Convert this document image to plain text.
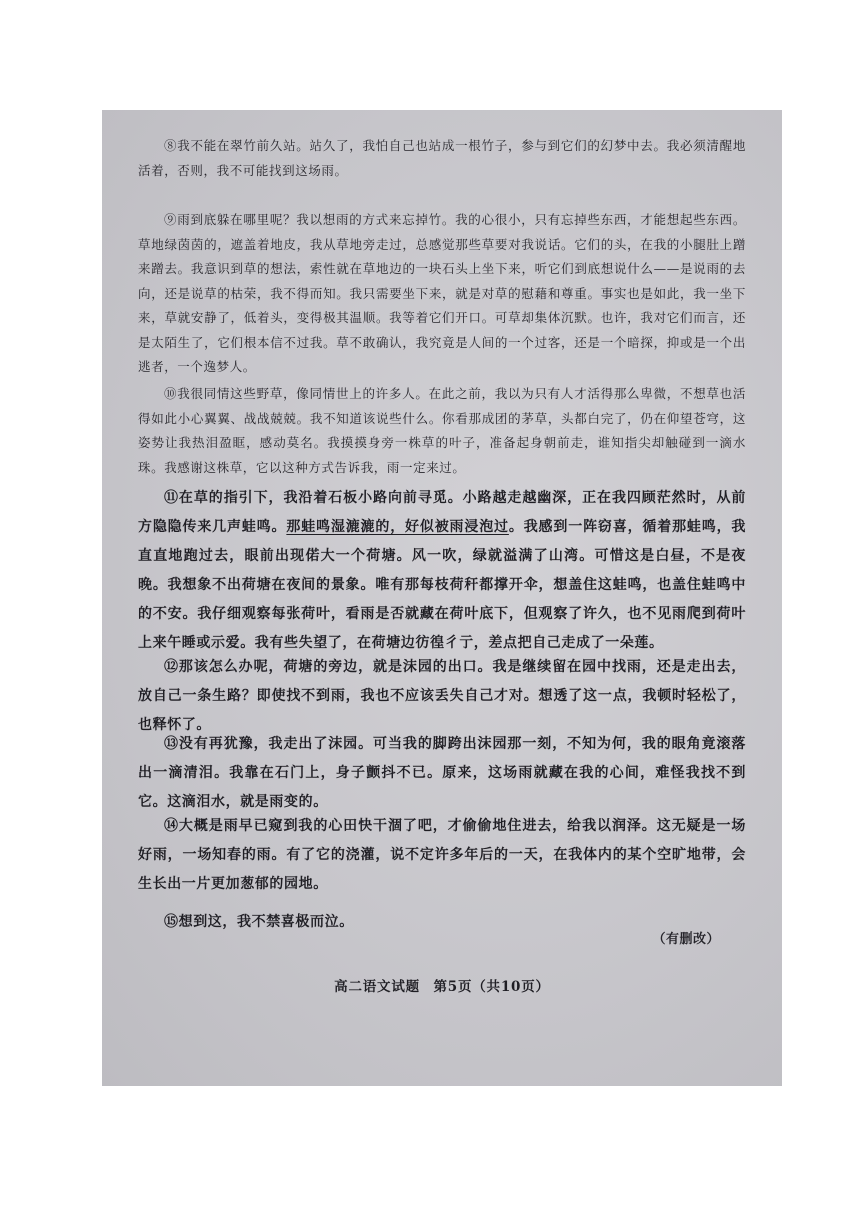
⑧我不能在翠竹前久站。站久了，我怕自己也站成一根竹子，参与到它们的幻梦中去。我必须清醒地活着，否则，我不可能找到这场雨。

⑨雨到底躲在哪里呢？我以想雨的方式来忘掉竹。我的心很小，只有忘掉些东西，才能想起些东西。草地绿茵茵的，遮盖着地皮，我从草地旁走过，总感觉那些草要对我说话。它们的头，在我的小腿肚上蹭来蹭去。我意识到草的想法，索性就在草地边的一块石头上坐下来，听它们到底想说什么——是说雨的去向，还是说草的枯荣，我不得而知。我只需要坐下来，就是对草的慰藉和尊重。事实也是如此，我一坐下来，草就安静了，低着头，变得极其温顺。我等着它们开口。可草却集体沉默。也许，我对它们而言，还是太陌生了，它们根本信不过我。草不敢确认，我究竟是人间的一个过客，还是一个暗探，抑或是一个出逃者，一个逸梦人。

⑩我很同情这些野草，像同情世上的许多人。在此之前，我以为只有人才活得那么卑微，不想草也活得如此小心翼翼、战战兢兢。我不知道该说些什么。你看那成团的茅草，头都白完了，仍在仰望苍穹，这姿势让我热泪盈眶，感动莫名。我摸摸身旁一株草的叶子，准备起身朝前走，谁知指尖却触碰到一滴水珠。我感谢这株草，它以这种方式告诉我，雨一定来过。

⑪在草的指引下，我沿着石板小路向前寻觅。小路越走越幽深，正在我四顾茫然时，从前方隐隐传来几声蛙鸣。那蛙鸣湿漉漉的，好似被雨浸泡过。我感到一阵窃喜，循着那蛙鸣，我直直地跑过去，眼前出现偌大一个荷塘。风一吹，绿就溢满了山湾。可惜这是白昼，不是夜晚。我想象不出荷塘在夜间的景象。唯有那每枝荷秆都撑开伞，想盖住这蛙鸣，也盖住蛙鸣中的不安。我仔细观察每张荷叶，看雨是否就藏在荷叶底下，但观察了许久，也不见雨爬到荷叶上来午睡或示爱。我有些失望了，在荷塘边彷徨彳亍，差点把自己走成了一朵莲。

⑫那该怎么办呢，荷塘的旁边，就是沫园的出口。我是继续留在园中找雨，还是走出去，放自己一条生路？即使找不到雨，我也不应该丢失自己才对。想透了这一点，我顿时轻松了，也释怀了。

⑬没有再犹豫，我走出了沫园。可当我的脚跨出沫园那一刻，不知为何，我的眼角竟滚落出一滴清泪。我靠在石门上，身子颤抖不已。原来，这场雨就藏在我的心间，难怪我找不到它。这滴泪水，就是雨变的。

⑭大概是雨早已窥到我的心田快干涸了吧，才偷偷地住进去，给我以润泽。这无疑是一场好雨，一场知春的雨。有了它的浇灌，说不定许多年后的一天，在我体内的某个空旷地带，会生长出一片更加葱郁的园地。

⑮想到这，我不禁喜极而泣。

（有删改）
高二语文试题 第5页（共10页）
